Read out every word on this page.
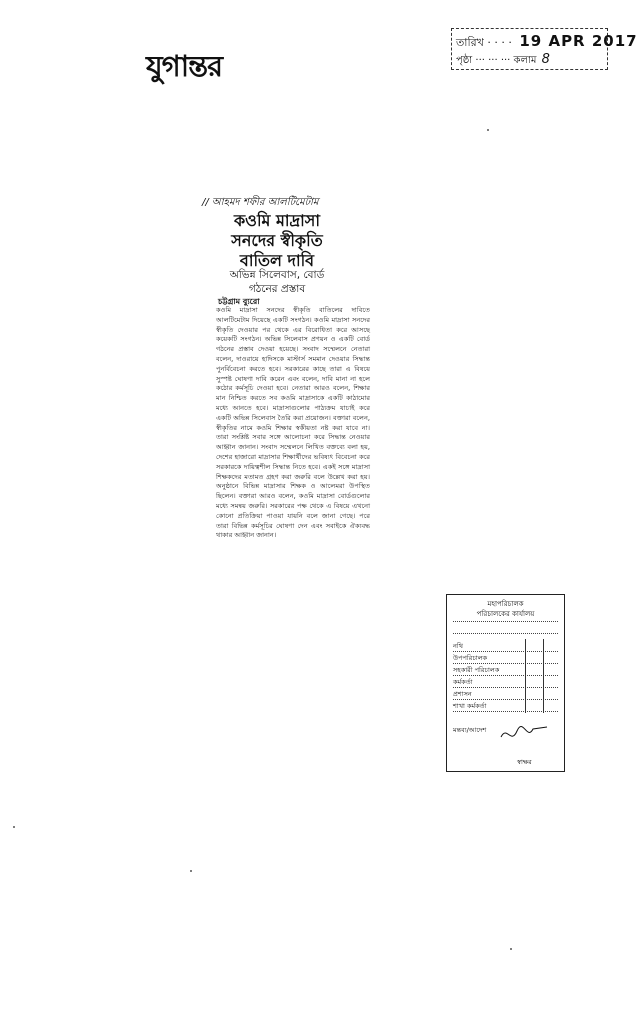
যুগান্তর
তারিখ · · · · 19 APR 2017
পৃষ্ঠা ··· ··· ··· কলাম 8
// আহমদ শফীর আলটিমেটাম
কওমি মাদ্রাসা
সনদের স্বীকৃতি
বাতিল দাবি
অভিন্ন সিলেবাস, বোর্ড
গঠনের প্রস্তাব
চট্টগ্রাম ব্যুরো
কওমি মাদ্রাসা সনদের স্বীকৃতি বাতিলের দাবিতে আলটিমেটাম দিয়েছে একটি সংগঠন। কওমি মাদ্রাসা সনদের স্বীকৃতি দেওয়ার পর থেকে এর বিরোধিতা করে আসছে কয়েকটি সংগঠন। অভিন্ন সিলেবাস প্রণয়ন ও একটি বোর্ড গঠনের প্রস্তাব দেওয়া হয়েছে। সংবাদ সম্মেলনে নেতারা বলেন, দাওরায়ে হাদিসকে মাস্টার্স সমমান দেওয়ার সিদ্ধান্ত পুনর্বিবেচনা করতে হবে। সরকারের কাছে তারা এ বিষয়ে সুস্পষ্ট ঘোষণা দাবি করেন এবং বলেন, দাবি মানা না হলে কঠোর কর্মসূচি দেওয়া হবে। নেতারা আরও বলেন, শিক্ষার মান নিশ্চিত করতে সব কওমি মাদ্রাসাকে একটি কাঠামোর মধ্যে আনতে হবে। মাদ্রাসাগুলোর পাঠ্যক্রম যাচাই করে একটি অভিন্ন সিলেবাস তৈরি করা প্রয়োজন। বক্তারা বলেন, স্বীকৃতির নামে কওমি শিক্ষার স্বকীয়তা নষ্ট করা যাবে না। তারা সংশ্লিষ্ট সবার সঙ্গে আলোচনা করে সিদ্ধান্ত নেওয়ার আহ্বান জানান। সংবাদ সম্মেলনে লিখিত বক্তব্যে বলা হয়, দেশের হাজারো মাদ্রাসার শিক্ষার্থীদের ভবিষ্যৎ বিবেচনা করে সরকারকে দায়িত্বশীল সিদ্ধান্ত নিতে হবে। একই সঙ্গে মাদ্রাসা শিক্ষকদের মতামত গ্রহণ করা জরুরি বলে উল্লেখ করা হয়। অনুষ্ঠানে বিভিন্ন মাদ্রাসার শিক্ষক ও আলেমরা উপস্থিত ছিলেন। বক্তারা আরও বলেন, কওমি মাদ্রাসা বোর্ডগুলোর মধ্যে সমন্বয় জরুরি। সরকারের পক্ষ থেকে এ বিষয়ে এখনো কোনো প্রতিক্রিয়া পাওয়া যায়নি বলে জানা গেছে। পরে তারা বিভিন্ন কর্মসূচির ঘোষণা দেন এবং সবাইকে ঐক্যবদ্ধ থাকার আহ্বান জানান।
মহাপরিচালক
পরিচালকের কার্যালয়
নথি
উপপরিচালক
সহকারী পরিচালক
কর্মকর্তা
প্রশাসন
শাখা কর্মকর্তা
মন্তব্য/আদেশ
স্বাক্ষর
